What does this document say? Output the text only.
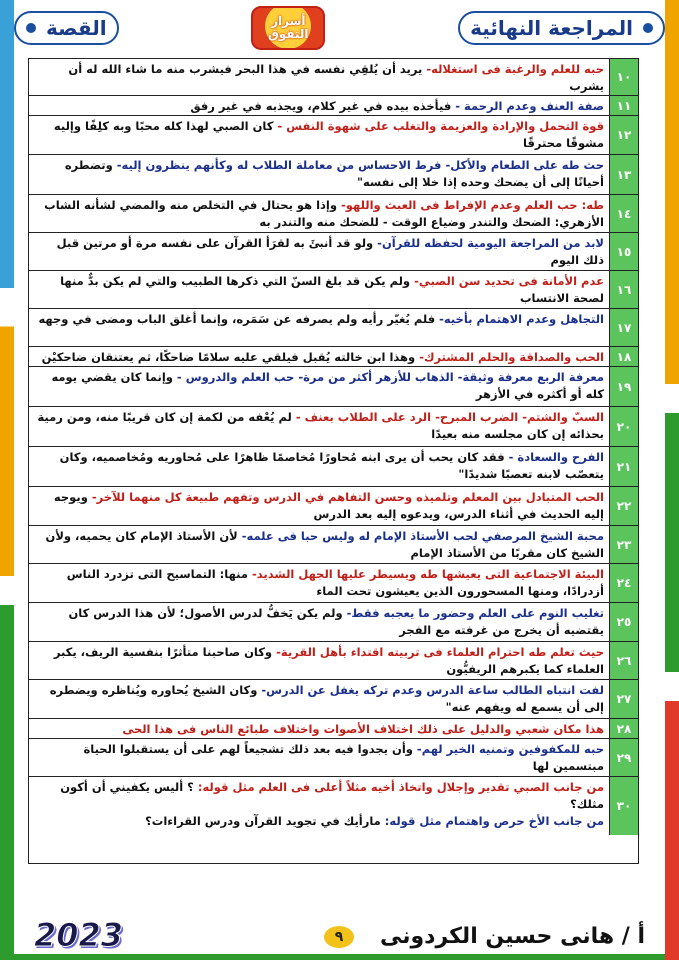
المراجعة النهائية
أسرار
التفوق
القصة
١٠
حبه للعلم والرغبة فى استغلاله- يريد أن يُلقِي نفسه في هذا البحر فيشرب منه ما شاء الله له أن يشرب
١١
صفة العنف وعدم الرحمة - فيأخذه بيده في غير كلام، ويجذبه في غير رفق
١٢
قوة التحمل والإرادة والعزيمة والتغلب على شهوة النفس - كان الصبي لهذا كله محبًا وبه كلِفًا وإليه مشوقًا محترقًا
١٣
حث طه على الطعام والأكل- فرط الاحساس من معاملة الطلاب له وكأنهم ينظرون إليه- وتضطره أحيانًا إلى أن يضحك وحده إذا خلا إلى نفسه"
١٤
طه: حب العلم وعدم الإفراط فى العبث واللهو- وإذا هو يحتال في التخلص منه والمضي لشأنه الشاب الأزهري: الضحك والتندر وضياع الوقت - للضحك منه والتندر به
١٥
لابد من المراجعة اليومية لحفظه للقرآن- ولو قد أنبئَ به لقرَأ القرآن على نفسه مرة أو مرتين قبل ذلك اليوم
١٦
عدم الأمانة فى تحديد سن الصبي- ولم يكن قد بلغ السنّ التي ذكرها الطبيب والتي لم يكن بدٌّ منها لصحة الانتساب
١٧
التجاهل وعدم الاهتمام بأخيه- فلم يُغيّر رأيه ولم يصرفه عن سَمَره، وإنما أغلق الباب ومضى في وجهه
١٨
الحب والصداقة والحلم المشترك- وهذا ابن خالته يُقبل فيلقي عليه سلامًا ضاحكًا، ثم يعتنقان ضاحكيْن
١٩
معرفة الربع معرفة وثيقة- الذهاب للأزهر أكثر من مرة- حب العلم والدروس - وإنما كان يقضي يومه كله أو أكثره في الأزهر
٢٠
السبّ والشتم- الضرب المبرح- الرد على الطلاب بعنف - لم يُعْفه من لكمة إن كان قريبًا منه، ومن رمية بحذائه إن كان مجلسه منه بعيدًا
٢١
الفرح والسعادة - فقد كان يحب أن يرى ابنه مُحاورًا مُخاصمًا ظاهرًا على مُحاوريه ومُخاصميه، وكان يتعصّب لابنه تعصبًا شديدًا"
٢٢
الحب المتبادل بين المعلم وتلميذه وحسن التفاهم في الدرس وتفهم طبيعة كل منهما للآخر- ويوجه إليه الحديث في أثناء الدرس، ويدعوه إليه بعد الدرس
٢٣
محبة الشيخ المرصفي لحب الأستاذ الإمام له وليس حبا فى علمه- لأن الأستاذ الإمام كان يحميه، ولأن الشيخ كان مقربًا من الأستاذ الإمام
٢٤
البيئة الاجتماعية التى يعيشها طه ويسيطر عليها الجهل الشديد- منها: التماسيح التى تزدرد الناس أزدرادًا، ومنها المسحورون الذين يعيشون تحت الماء
٢٥
تغليب النوم على العلم وحضور ما يعجبه فقط- ولم يكن يَخفُّ لدرس الأصول؛ لأن هذا الدرس كان يقتضيه أن يخرج من غرفته مع الفجر
٢٦
حيث تعلم طه احترام العلماء فى تربيته اقتداء بأهل القرية- وكان صاحبنا متأثرًا بنفسية الريف، يكبر العلماء كما يكبرهم الريفيُّون
٢٧
لفت انتباه الطالب ساعة الدرس وعدم تركه يغفل عن الدرس- وكان الشيخ يُحاوره ويُناظره ويضطره إلى أن يسمع له ويفهم عنه"
٢٨
هذا مكان شعبي والدليل على ذلك اختلاف الأصوات واختلاف طبائع الناس فى هذا الحى
٢٩
حبه للمكفوفين وتمنيه الخير لهم- وأن يجدوا فيه بعد ذلك تشجيعاً لهم على أن يستقبلوا الحياة مبتسمين لها
٣٠
من جانب الصبي تقدير وإجلال واتخاذ أخيه مثلاً أعلى فى العلم مثل قوله: ؟ أليس يكفيني أن أكون مثلك؟
من جانب الأخ حرص واهتمام مثل قوله: مارأيك في تجويد القرآن ودرس القراءات؟
أ / هانى حسين الكردونى
٩
2023
